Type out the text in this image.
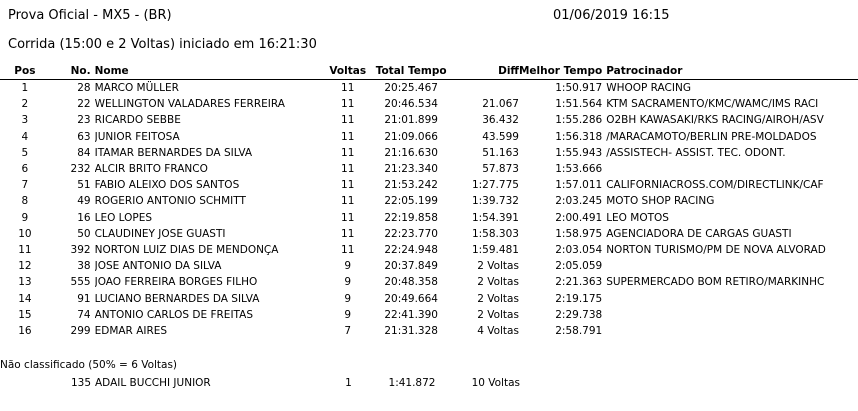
Prova Oficial - MX5 - (BR)	01/06/2019 16:15
Corrida (15:00 e 2 Voltas) iniciado em 16:21:30
Pos	No.	Nome	Voltas	Total Tempo	Diff	Melhor Tempo	Patrocinador
1	28	MARCO MÜLLER	11	20:25.467		1:50.917	WHOOP RACING
2	22	WELLINGTON VALADARES FERREIRA	11	20:46.534	21.067	1:51.564	KTM SACRAMENTO/KMC/WAMC/IMS RACI
3	23	RICARDO SEBBE	11	21:01.899	36.432	1:55.286	O2BH KAWASAKI/RKS RACING/AIROH/ASV
4	63	JUNIOR FEITOSA	11	21:09.066	43.599	1:56.318	/MARACAMOTO/BERLIN PRE-MOLDADOS
5	84	ITAMAR BERNARDES DA SILVA	11	21:16.630	51.163	1:55.943	/ASSISTECH- ASSIST. TEC. ODONT.
6	232	ALCIR BRITO FRANCO	11	21:23.340	57.873	1:53.666	
7	51	FABIO ALEIXO DOS SANTOS	11	21:53.242	1:27.775	1:57.011	CALIFORNIACROSS.COM/DIRECTLINK/CAF
8	49	ROGERIO ANTONIO SCHMITT	11	22:05.199	1:39.732	2:03.245	MOTO SHOP RACING
9	16	LEO LOPES	11	22:19.858	1:54.391	2:00.491	LEO MOTOS
10	50	CLAUDINEY JOSE GUASTI	11	22:23.770	1:58.303	1:58.975	AGENCIADORA DE CARGAS GUASTI
11	392	NORTON LUIZ DIAS DE MENDONÇA	11	22:24.948	1:59.481	2:03.054	NORTON TURISMO/PM DE NOVA ALVORAD
12	38	JOSE ANTONIO DA SILVA	9	20:37.849	2 Voltas	2:05.059	
13	555	JOAO FERREIRA BORGES FILHO	9	20:48.358	2 Voltas	2:21.363	SUPERMERCADO BOM RETIRO/MARKINHC
14	91	LUCIANO BERNARDES DA SILVA	9	20:49.664	2 Voltas	2:19.175	
15	74	ANTONIO CARLOS DE FREITAS	9	22:41.390	2 Voltas	2:29.738	
16	299	EDMAR AIRES	7	21:31.328	4 Voltas	2:58.791	
Não classificado (50% = 6 Voltas)
	135	ADAIL BUCCHI JUNIOR	1	1:41.872	10 Voltas
